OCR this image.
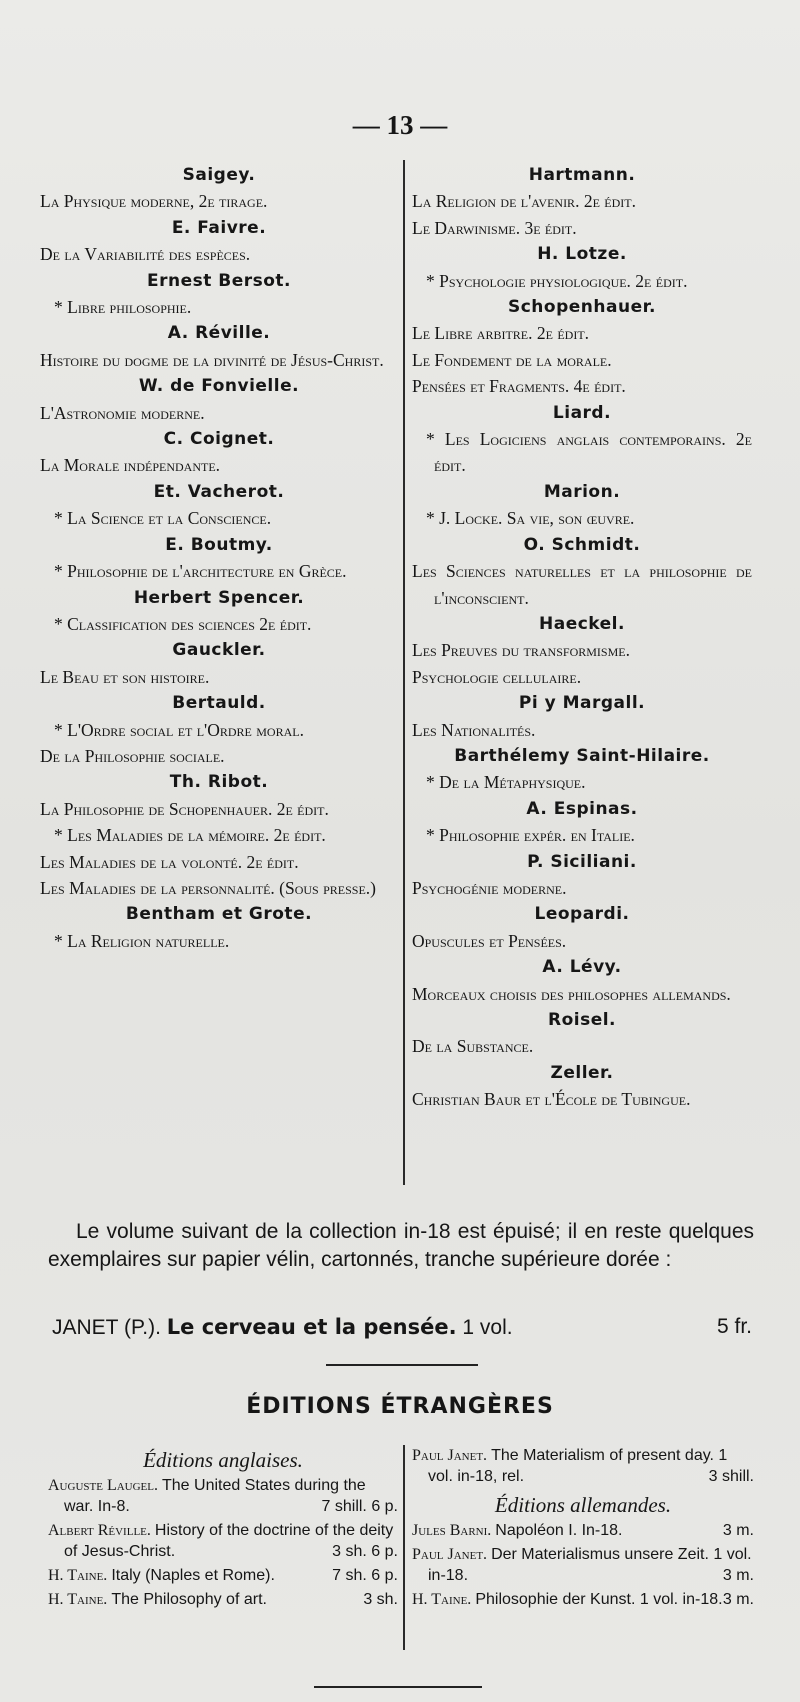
— 13 —
Saigey.
La Physique moderne, 2e tirage.
E. Faivre.
De la Variabilité des espèces.
Ernest Bersot.
* Libre philosophie.
A. Réville.
Histoire du dogme de la divinité de Jésus-Christ.
W. de Fonvielle.
L'Astronomie moderne.
C. Coignet.
La Morale indépendante.
Et. Vacherot.
* La Science et la Conscience.
E. Boutmy.
* Philosophie de l'architecture en Grèce.
Herbert Spencer.
* Classification des sciences 2e édit.
Gauckler.
Le Beau et son histoire.
Bertauld.
* L'Ordre social et l'Ordre moral.
De la Philosophie sociale.
Th. Ribot.
La Philosophie de Schopenhauer. 2e édit.
* Les Maladies de la mémoire. 2e édit.
Les Maladies de la volonté. 2e édit.
Les Maladies de la personnalité. (Sous presse.)
Bentham et Grote.
* La Religion naturelle.
Hartmann.
La Religion de l'avenir. 2e édit.
Le Darwinisme. 3e édit.
H. Lotze.
* Psychologie physiologique. 2e édit.
Schopenhauer.
Le Libre arbitre. 2e édit.
Le Fondement de la morale.
Pensées et Fragments. 4e édit.
Liard.
* Les Logiciens anglais contemporains. 2e édit.
Marion.
* J. Locke. Sa vie, son œuvre.
O. Schmidt.
Les Sciences naturelles et la philosophie de l'inconscient.
Haeckel.
Les Preuves du transformisme.
Psychologie cellulaire.
Pi y Margall.
Les Nationalités.
Barthélemy Saint-Hilaire.
* De la Métaphysique.
A. Espinas.
* Philosophie expér. en Italie.
P. Siciliani.
Psychogénie moderne.
Leopardi.
Opuscules et Pensées.
A. Lévy.
Morceaux choisis des philosophes allemands.
Roisel.
De la Substance.
Zeller.
Christian Baur et l'École de Tubingue.

Le volume suivant de la collection in-18 est épuisé; il en reste quelques exemplaires sur papier vélin, cartonnés, tranche supérieure dorée :

JANET (P.). Le cerveau et la pensée. 1 vol.	5 fr.
ÉDITIONS ÉTRANGÈRES
Éditions anglaises.
Auguste Laugel. The United States during the war. In-8.	7 shill. 6 p.
Albert Réville. History of the doctrine of the deity of Jesus-Christ.	3 sh. 6 p.
H. Taine. Italy (Naples et Rome).	7 sh. 6 p.
H. Taine. The Philosophy of art.	3 sh.
Paul Janet. The Materialism of present day. 1 vol. in-18, rel.	3 shill.
Éditions allemandes.
Jules Barni. Napoléon I. In-18.	3 m.
Paul Janet. Der Materialismus unsere Zeit. 1 vol. in-18.	3 m.
H. Taine. Philosophie der Kunst. 1 vol. in-18. 3 m.
